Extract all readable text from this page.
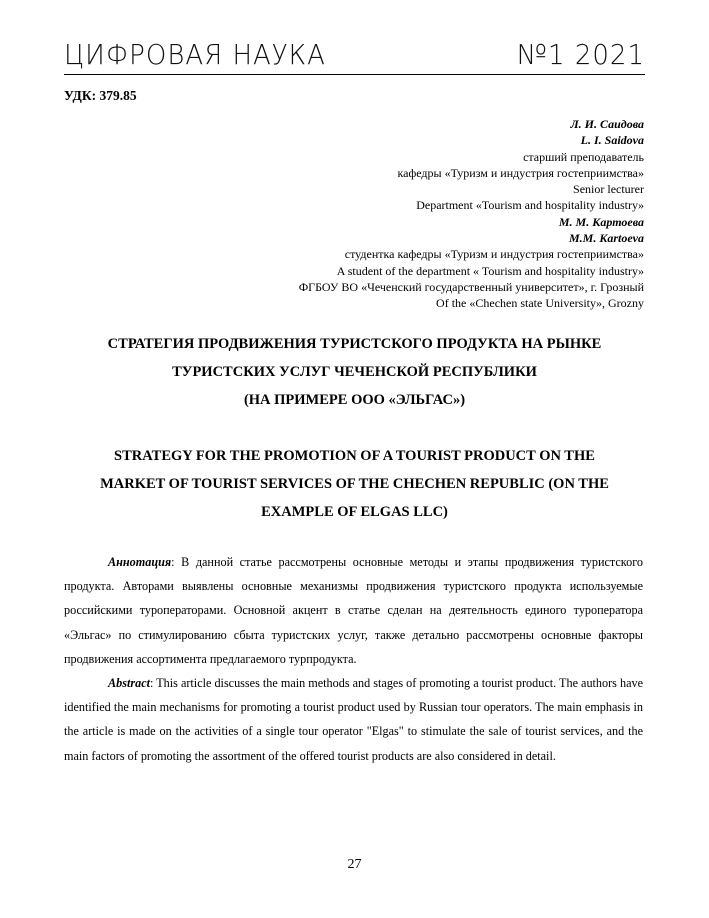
ЦИФРОВАЯ НАУКА	№1 2021
УДК: 379.85
Л. И. Саидова
L. I. Saidova
старший преподаватель
кафедры «Туризм и индустрия гостеприимства»
Senior lecturer
Department «Tourism and hospitality industry»
М. М. Картоева
M.M. Kartoeva
студентка кафедры «Туризм и индустрия гостеприимства»
A student of the department « Tourism and hospitality industry»
ФГБОУ ВО «Чеченский государственный университет», г. Грозный
Of the «Chechen state University», Grozny
СТРАТЕГИЯ ПРОДВИЖЕНИЯ ТУРИСТСКОГО ПРОДУКТА НА РЫНКЕ
ТУРИСТСКИХ УСЛУГ ЧЕЧЕНСКОЙ РЕСПУБЛИКИ
(НА ПРИМЕРЕ ООО «ЭЛЬГАС»)
STRATEGY FOR THE PROMOTION OF A TOURIST PRODUCT ON THE
MARKET OF TOURIST SERVICES OF THE CHECHEN REPUBLIC (ON THE
EXAMPLE OF ELGAS LLC)

Аннотация: В данной статье рассмотрены основные методы и этапы продвижения туристского продукта. Авторами выявлены основные механизмы продвижения туристского продукта используемые российскими туроператорами. Основной акцент в статье сделан на деятельность единого туроператора «Эльгас» по стимулированию сбыта туристских услуг, также детально рассмотрены основные факторы продвижения ассортимента предлагаемого турпродукта.

Abstract: This article discusses the main methods and stages of promoting a tourist product. The authors have identified the main mechanisms for promoting a tourist product used by Russian tour operators. The main emphasis in the article is made on the activities of a single tour operator "Elgas" to stimulate the sale of tourist services, and the main factors of promoting the assortment of the offered tourist products are also considered in detail.

27
